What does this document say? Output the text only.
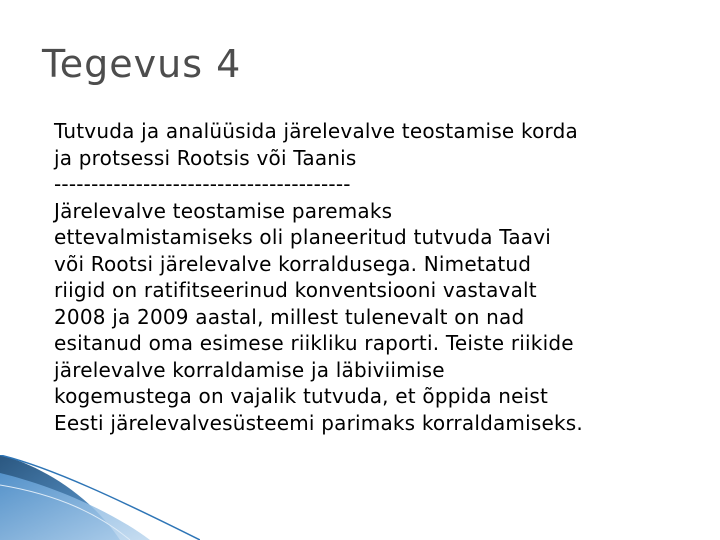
Tegevus 4
Tutvuda ja analüüsida järelevalve teostamise korda
ja protsessi Rootsis või Taanis
----------------------------------------
Järelevalve teostamise paremaks
ettevalmistamiseks oli planeeritud tutvuda Taavi
või Rootsi järelevalve korraldusega. Nimetatud
riigid on ratifitseerinud konventsiooni vastavalt
2008 ja 2009 aastal, millest tulenevalt on nad
esitanud oma esimese riikliku raporti. Teiste riikide
järelevalve korraldamise ja läbiviimise
kogemustega on vajalik tutvuda, et õppida neist
Eesti järelevalvesüsteemi parimaks korraldamiseks.
